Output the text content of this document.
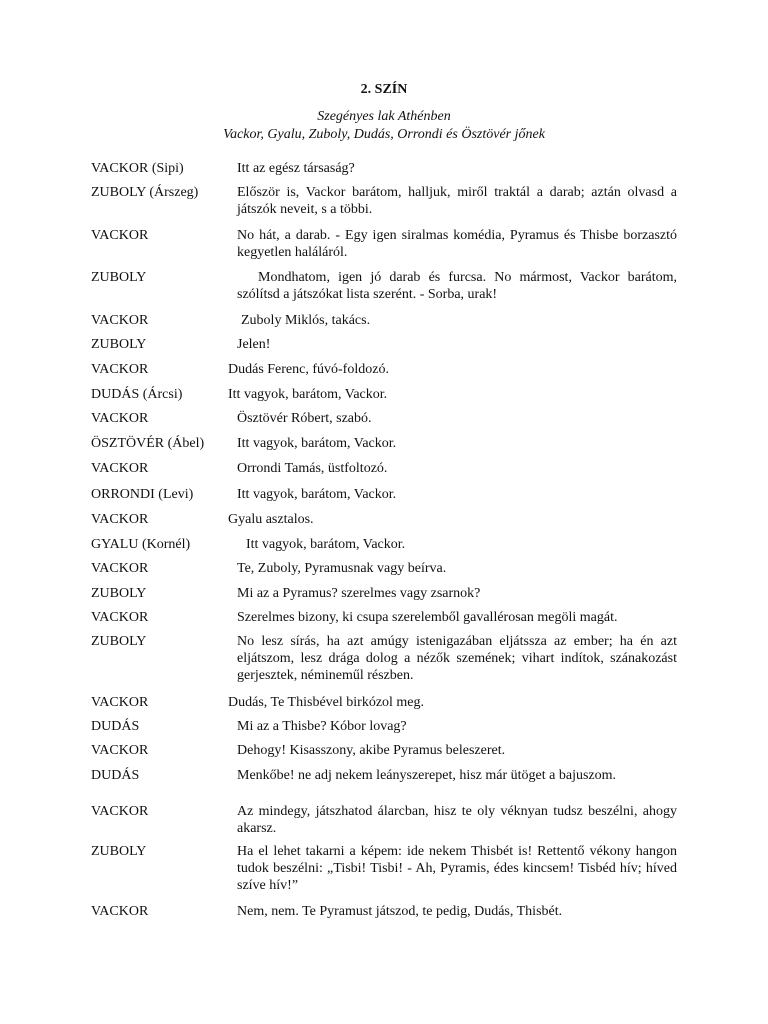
2. SZÍN

Szegényes lak Athénben

Vackor, Gyalu, Zuboly, Dudás, Orrondi és Ösztövér jőnek

VACKOR (Sipi)	Itt az egész társaság?
ZUBOLY (Árszeg)	Először is, Vackor barátom, halljuk, miről traktál a darab; aztán olvasd a játszók neveit, s a többi.
VACKOR	No hát, a darab. - Egy igen siralmas komédia, Pyramus és Thisbe borzasztó kegyetlen haláláról.
ZUBOLY	Mondhatom, igen jó darab és furcsa. No mármost, Vackor barátom, szólítsd a játszókat lista szerént. - Sorba, urak!
VACKOR	Zuboly Miklós, takács.
ZUBOLY	Jelen!
VACKOR	Dudás Ferenc, fúvó-foldozó.
DUDÁS (Árcsi)	Itt vagyok, barátom, Vackor.
VACKOR	Ösztövér Róbert, szabó.
ÖSZTÖVÉR (Ábel) Itt vagyok, barátom, Vackor.
VACKOR	Orrondi Tamás, üstfoltozó.
ORRONDI (Levi)	Itt vagyok, barátom, Vackor.
VACKOR	Gyalu asztalos.
GYALU (Kornél)	Itt vagyok, barátom, Vackor.
VACKOR	Te, Zuboly, Pyramusnak vagy beírva.
ZUBOLY	Mi az a Pyramus? szerelmes vagy zsarnok?
VACKOR	Szerelmes bizony, ki csupa szerelemből gavallérosan megöli magát.
ZUBOLY	No lesz sírás, ha azt amúgy istenigazában eljátssza az ember; ha én azt eljátszom, lesz drága dolog a nézők szemének; vihart indítok, szánakozást gerjesztek, némineműl részben.
VACKOR	Dudás, Te Thisbével birkózol meg.
DUDÁS	Mi az a Thisbe? Kóbor lovag?
VACKOR	Dehogy! Kisasszony, akibe Pyramus beleszeret.
DUDÁS	Menkőbe! ne adj nekem leányszerepet, hisz már ütöget a bajuszom.
VACKOR	Az mindegy, játszhatod álarcban, hisz te oly véknyan tudsz beszélni, ahogy akarsz.
ZUBOLY	Ha el lehet takarni a képem: ide nekem Thisbét is! Rettentő vékony hangon tudok beszélni: „Tisbi! Tisbi! - Ah, Pyramis, édes kincsem! Tisbéd hív; híved szíve hív!”
VACKOR	Nem, nem. Te Pyramust játszod, te pedig, Dudás, Thisbét.
